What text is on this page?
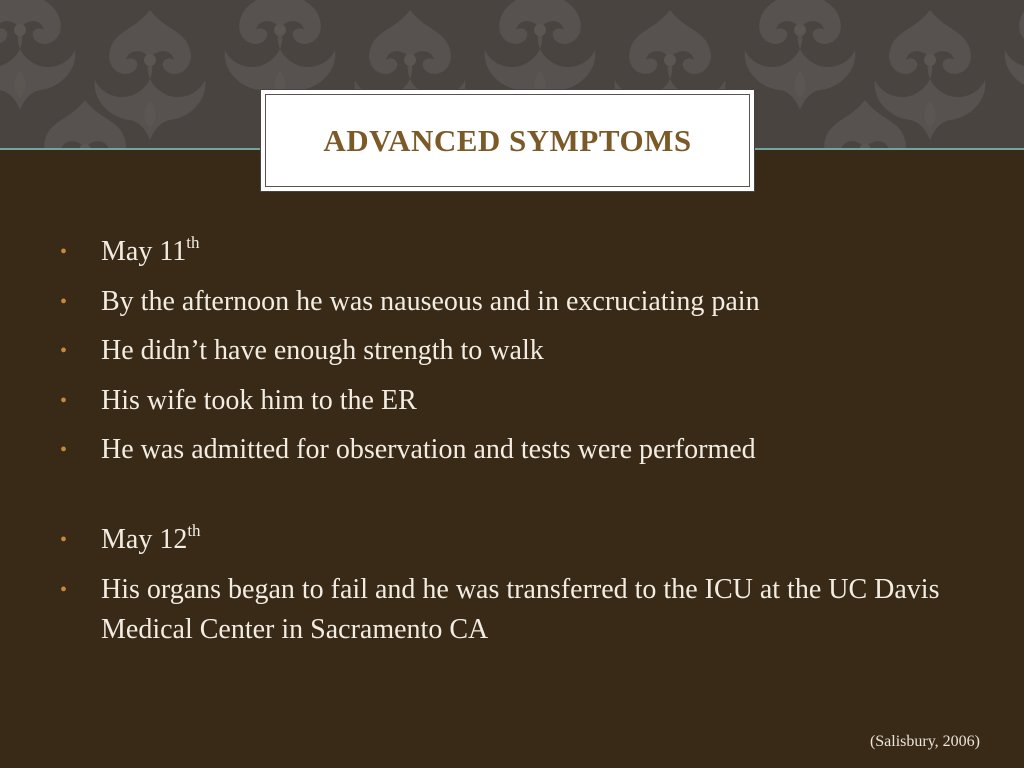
ADVANCED SYMPTOMS
• May 11th
• By the afternoon he was nauseous and in excruciating pain
• He didn’t have enough strength to walk
• His wife took him to the ER
• He was admitted for observation and tests were performed
• May 12th
• His organs began to fail and he was transferred to the ICU at the UC Davis Medical Center in Sacramento CA
(Salisbury, 2006)
